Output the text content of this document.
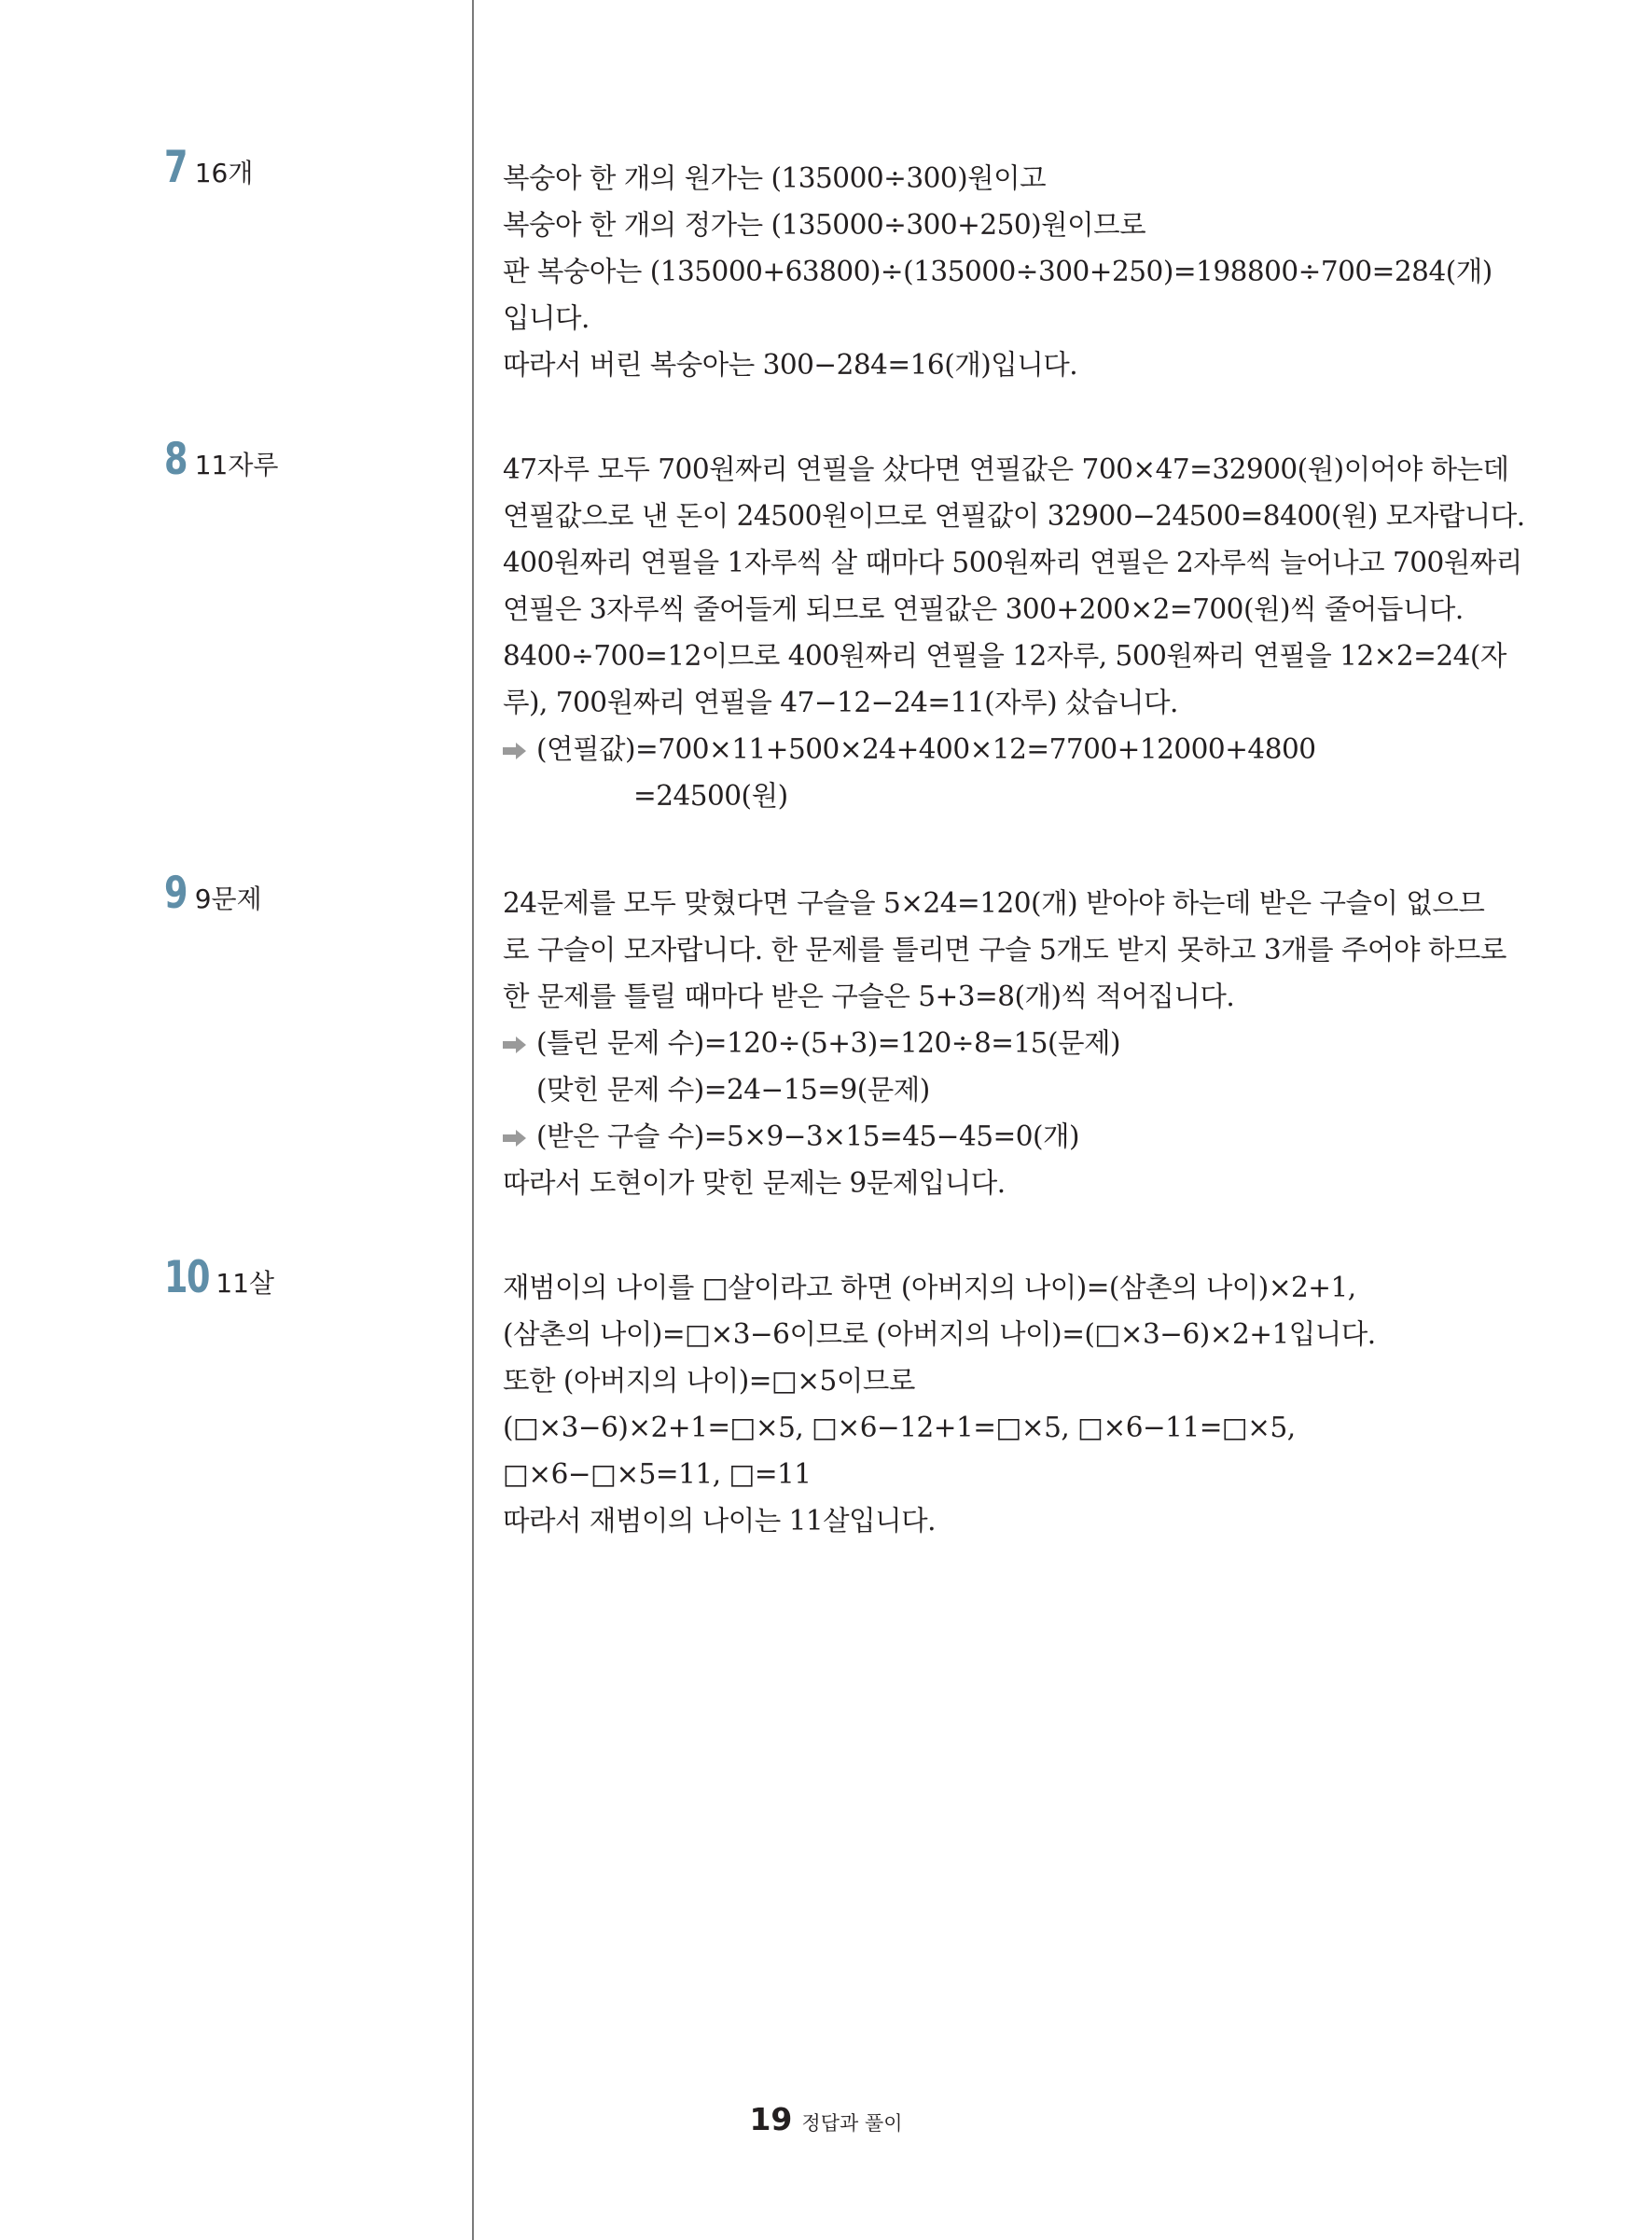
7 16개	복숭아 한 개의 원가는 (135000÷300)원이고
복숭아 한 개의 정가는 (135000÷300+250)원이므로
판 복숭아는 (135000+63800)÷(135000÷300+250)=198800÷700=284(개)
입니다.
따라서 버린 복숭아는 300−284=16(개)입니다.
8 11자루	47자루 모두 700원짜리 연필을 샀다면 연필값은 700×47=32900(원)이어야 하는데
연필값으로 낸 돈이 24500원이므로 연필값이 32900−24500=8400(원) 모자랍니다.
400원짜리 연필을 1자루씩 살 때마다 500원짜리 연필은 2자루씩 늘어나고 700원짜리
연필은 3자루씩 줄어들게 되므로 연필값은 300+200×2=700(원)씩 줄어듭니다.
8400÷700=12이므로 400원짜리 연필을 12자루, 500원짜리 연필을 12×2=24(자
루), 700원짜리 연필을 47−12−24=11(자루) 샀습니다.
(연필값)=700×11+500×24+400×12=7700+12000+4800
=24500(원)
9 9문제	24문제를 모두 맞혔다면 구슬을 5×24=120(개) 받아야 하는데 받은 구슬이 없으므
로 구슬이 모자랍니다. 한 문제를 틀리면 구슬 5개도 받지 못하고 3개를 주어야 하므로
한 문제를 틀릴 때마다 받은 구슬은 5+3=8(개)씩 적어집니다.
(틀린 문제 수)=120÷(5+3)=120÷8=15(문제)
(맞힌 문제 수)=24−15=9(문제)
(받은 구슬 수)=5×9−3×15=45−45=0(개)
따라서 도현이가 맞힌 문제는 9문제입니다.
10 11살	재범이의 나이를 □살이라고 하면 (아버지의 나이)=(삼촌의 나이)×2+1,
(삼촌의 나이)=□×3−6이므로 (아버지의 나이)=(□×3−6)×2+1입니다.
또한 (아버지의 나이)=□×5이므로
(□×3−6)×2+1=□×5, □×6−12+1=□×5, □×6−11=□×5,
□×6−□×5=11, □=11
따라서 재범이의 나이는 11살입니다.
19 정답과 풀이
